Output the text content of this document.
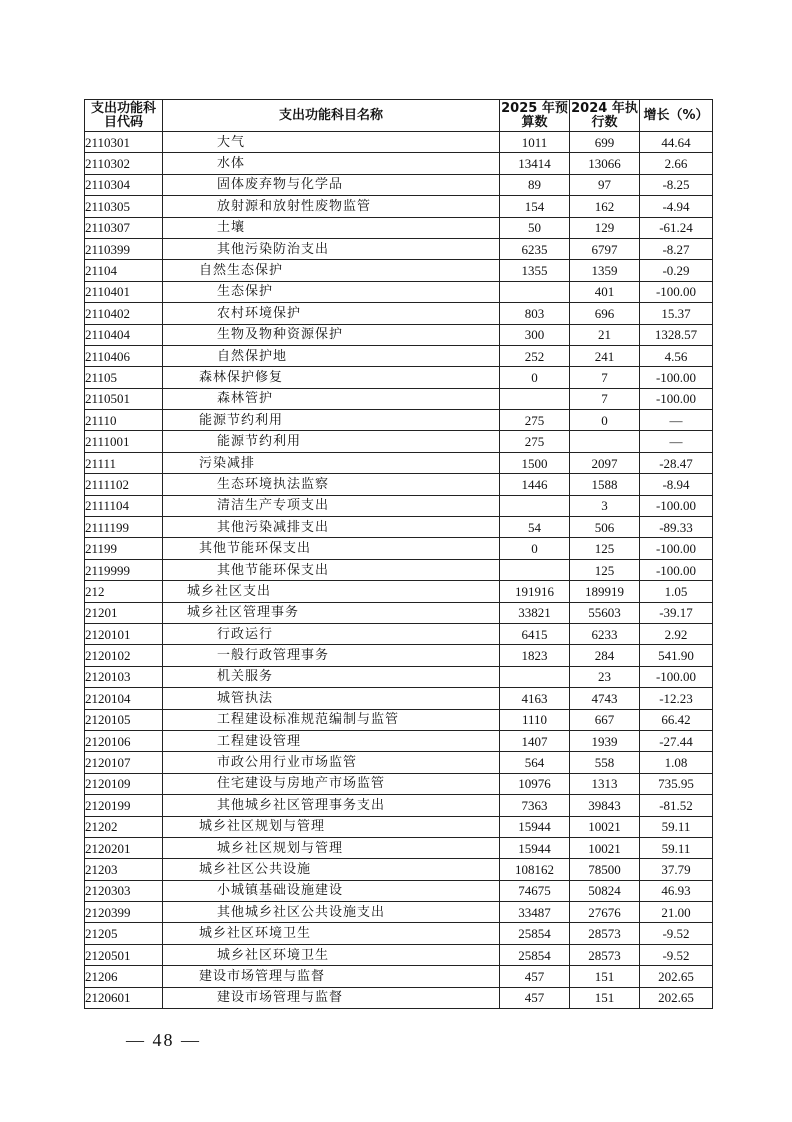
支出功能科目代码	支出功能科目名称	2025 年预算数	2024 年执行数	增长（%）
2110301	大气	1011	699	44.64
2110302	水体	13414	13066	2.66
2110304	固体废弃物与化学品	89	97	-8.25
2110305	放射源和放射性废物监管	154	162	-4.94
2110307	土壤	50	129	-61.24
2110399	其他污染防治支出	6235	6797	-8.27
21104	自然生态保护	1355	1359	-0.29
2110401	生态保护		401	-100.00
2110402	农村环境保护	803	696	15.37
2110404	生物及物种资源保护	300	21	1328.57
2110406	自然保护地	252	241	4.56
21105	森林保护修复	0	7	-100.00
2110501	森林管护		7	-100.00
21110	能源节约利用	275	0	—
2111001	能源节约利用	275		—
21111	污染减排	1500	2097	-28.47
2111102	生态环境执法监察	1446	1588	-8.94
2111104	清洁生产专项支出		3	-100.00
2111199	其他污染减排支出	54	506	-89.33
21199	其他节能环保支出	0	125	-100.00
2119999	其他节能环保支出		125	-100.00
212	城乡社区支出	191916	189919	1.05
21201	城乡社区管理事务	33821	55603	-39.17
2120101	行政运行	6415	6233	2.92
2120102	一般行政管理事务	1823	284	541.90
2120103	机关服务		23	-100.00
2120104	城管执法	4163	4743	-12.23
2120105	工程建设标准规范编制与监管	1110	667	66.42
2120106	工程建设管理	1407	1939	-27.44
2120107	市政公用行业市场监管	564	558	1.08
2120109	住宅建设与房地产市场监管	10976	1313	735.95
2120199	其他城乡社区管理事务支出	7363	39843	-81.52
21202	城乡社区规划与管理	15944	10021	59.11
2120201	城乡社区规划与管理	15944	10021	59.11
21203	城乡社区公共设施	108162	78500	37.79
2120303	小城镇基础设施建设	74675	50824	46.93
2120399	其他城乡社区公共设施支出	33487	27676	21.00
21205	城乡社区环境卫生	25854	28573	-9.52
2120501	城乡社区环境卫生	25854	28573	-9.52
21206	建设市场管理与监督	457	151	202.65
2120601	建设市场管理与监督	457	151	202.65
— 48 —
